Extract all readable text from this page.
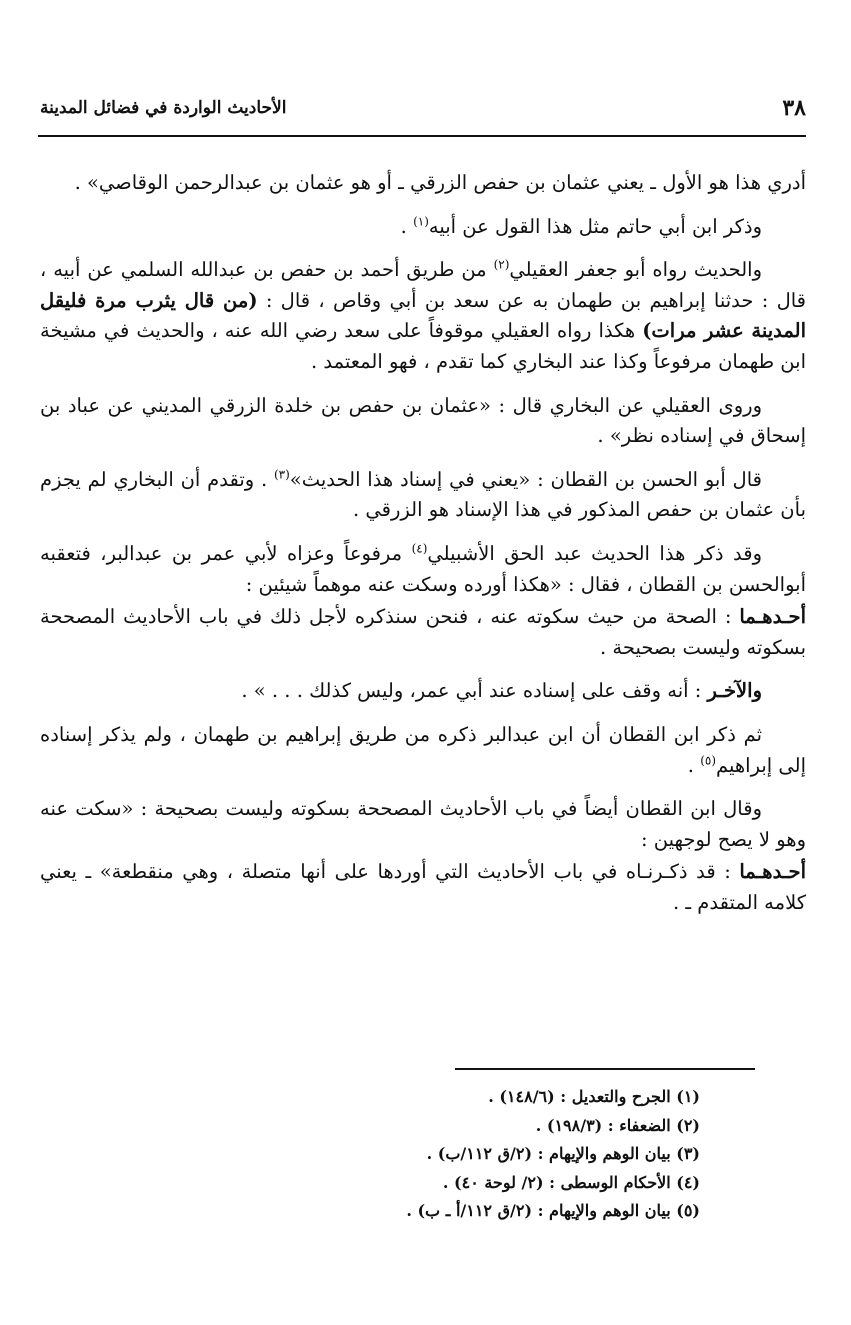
٣٨
الأحاديث الواردة في فضائل المدينة

أدري هذا هو الأول ـ يعني عثمان بن حفص الزرقي ـ أو هو عثمان بن عبدالرحمن الوقاصي» .

وذكر ابن أبي حاتم مثل هذا القول عن أبيه$^{(١)}$ .

والحديث رواه أبو جعفر العقيلي$^{(٢)}$ من طريق أحمد بن حفص بن عبدالله السلمي عن أبيه ، قال : حدثنا إبراهيم بن طهمان به عن سعد بن أبي وقاص ، قال : (من قال يثرب مرة فليقل المدينة عشر مرات) هكذا رواه العقيلي موقوفاً على سعد رضي الله عنه ، والحديث في مشيخة ابن طهمان مرفوعاً وكذا عند البخاري كما تقدم ، فهو المعتمد .

وروى العقيلي عن البخاري قال : «عثمان بن حفص بن خلدة الزرقي المديني عن عباد بن إسحاق في إسناده نظر» .

قال أبو الحسن بن القطان : «يعني في إسناد هذا الحديث»$^{(٣)}$ . وتقدم أن البخاري لم يجزم بأن عثمان بن حفص المذكور في هذا الإسناد هو الزرقي .

وقد ذكر هذا الحديث عبد الحق الأشبيلي$^{(٤)}$ مرفوعاً وعزاه لأبي عمر بن عبدالبر، فتعقبه أبوالحسن بن القطان ، فقال : «هكذا أورده وسكت عنه موهماً شيئين :

أحـدهـما : الصحة من حيث سكوته عنه ، فنحن سنذكره لأجل ذلك في باب الأحاديث المصححة بسكوته وليست بصحيحة .

والآخـر : أنه وقف على إسناده عند أبي عمر، وليس كذلك . . . » .

ثم ذكر ابن القطان أن ابن عبدالبر ذكره من طريق إبراهيم بن طهمان ، ولم يذكر إسناده إلى إبراهيم$^{(٥)}$ .

وقال ابن القطان أيضاً في باب الأحاديث المصححة بسكوته وليست بصحيحة : «سكت عنه وهو لا يصح لوجهين :

أحـدهـما : قد ذكـرنـاه في باب الأحاديث التي أوردها على أنها متصلة ، وهي منقطعة» ـ يعني كلامه المتقدم ـ .

(١) الجرح والتعديل : (١٤٨/٦) .

(٢) الضعفاء : (١٩٨/٣) .

(٣) بيان الوهم والإيهام : (٢/ق ١١٢/ب) .

(٤) الأحكام الوسطى : (٢/ لوحة ٤٠) .

(٥) بيان الوهم والإيهام : (٢/ق ١١٢/أ ـ ب) .
